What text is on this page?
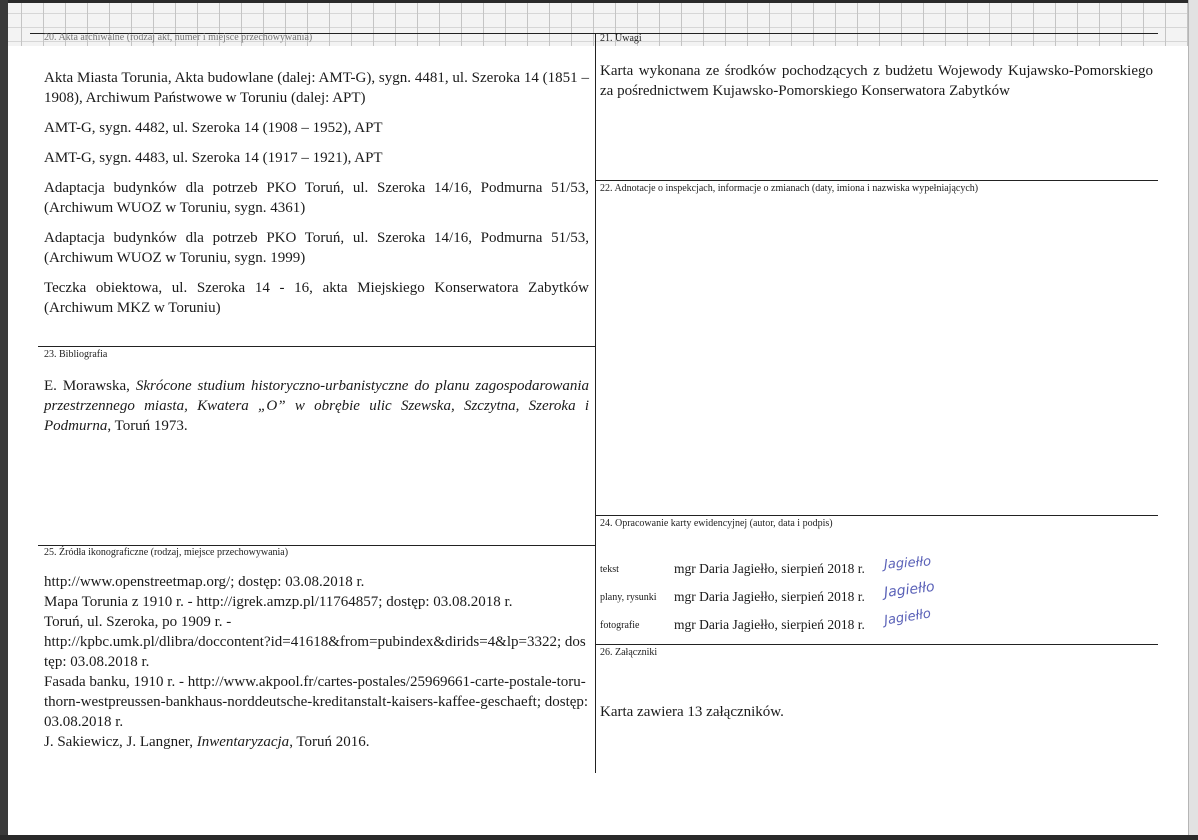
20. Akta archiwalne (rodzaj akt, numer i miejsce przechowywania)

Akta Miasta Torunia, Akta budowlane (dalej: AMT-G), sygn. 4481, ul. Szeroka 14 (1851 – 1908), Archiwum Państwowe w Toruniu (dalej: APT)

AMT-G, sygn. 4482, ul. Szeroka 14 (1908 – 1952), APT

AMT-G, sygn. 4483, ul. Szeroka 14 (1917 – 1921), APT

Adaptacja budynków dla potrzeb PKO Toruń, ul. Szeroka 14/16, Podmurna 51/53, (Archiwum WUOZ w Toruniu, sygn. 4361)

Adaptacja budynków dla potrzeb PKO Toruń, ul. Szeroka 14/16, Podmurna 51/53, (Archiwum WUOZ w Toruniu, sygn. 1999)

Teczka obiektowa, ul. Szeroka 14 - 16, akta Miejskiego Konserwatora Zabytków (Archiwum MKZ w Toruniu)

21. Uwagi

Karta wykonana ze środków pochodzących z budżetu Wojewody Kujawsko-Pomorskiego za pośrednictwem Kujawsko-Pomorskiego Konserwatora Zabytków

22. Adnotacje o inspekcjach, informacje o zmianach (daty, imiona i nazwiska wypełniających)
23. Bibliografia

E. Morawska, Skrócone studium historyczno-urbanistyczne do planu zagospodarowania przestrzennego miasta, Kwatera „O” w obrębie ulic Szewska, Szczytna, Szeroka i Podmurna, Toruń 1973.

24. Opracowanie karty ewidencyjnej (autor, data i podpis)
tekst	mgr Daria Jagiełło, sierpień 2018 r. Jagiełło
plany, rysunki mgr Daria Jagiełło, sierpień 2018 r. Jagiełło
fotografie	mgr Daria Jagiełło, sierpień 2018 r. Jagiełło
25. Źródła ikonograficzne (rodzaj, miejsce przechowywania)
http://www.openstreetmap.org/; dostęp: 03.08.2018 r.
Mapa Torunia z 1910 r. - http://igrek.amzp.pl/11764857; dostęp: 03.08.2018 r.
Toruń, ul. Szeroka, po 1909 r. -
http://kpbc.umk.pl/dlibra/doccontent?id=41618&from=pubindex&dirids=4&lp=3322; dostęp: 03.08.2018 r.
Fasada banku, 1910 r. - http://www.akpool.fr/cartes-postales/25969661-carte-postale-toru-thorn-westpreussen-bankhaus-norddeutsche-kreditanstalt-kaisers-kaffee-geschaeft; dostęp: 03.08.2018 r.
J. Sakiewicz, J. Langner, Inwentaryzacja, Toruń 2016.
26. Załączniki

Karta zawiera 13 załączników.
